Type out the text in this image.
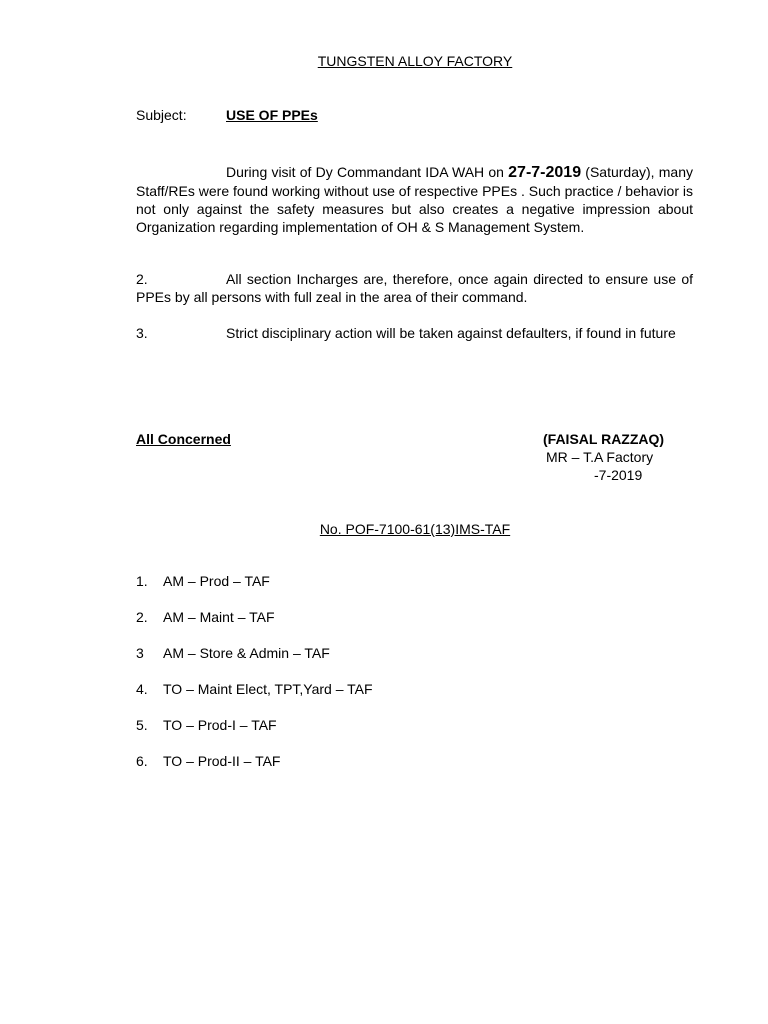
TUNGSTEN ALLOY FACTORY
Subject:	USE OF PPEs
During visit of Dy Commandant IDA WAH on 27-7-2019 (Saturday), many Staff/REs were found working without use of respective PPEs . Such practice / behavior is not only against the safety measures but also creates a negative impression about Organization regarding implementation of OH & S Management System.
2.	All section Incharges are, therefore, once again directed to ensure use of PPEs by all persons with full zeal in the area of their command.
3.	Strict disciplinary action will be taken against defaulters, if found in future
All Concerned	(FAISAL RAZZAQ)
MR – T.A Factory
-7-2019
No. POF-7100-61(13)IMS-TAF
1.	AM – Prod – TAF
2.	AM – Maint – TAF
3	AM – Store & Admin – TAF
4.	TO – Maint Elect, TPT,Yard – TAF
5.	TO – Prod-I – TAF
6.	TO – Prod-II – TAF
